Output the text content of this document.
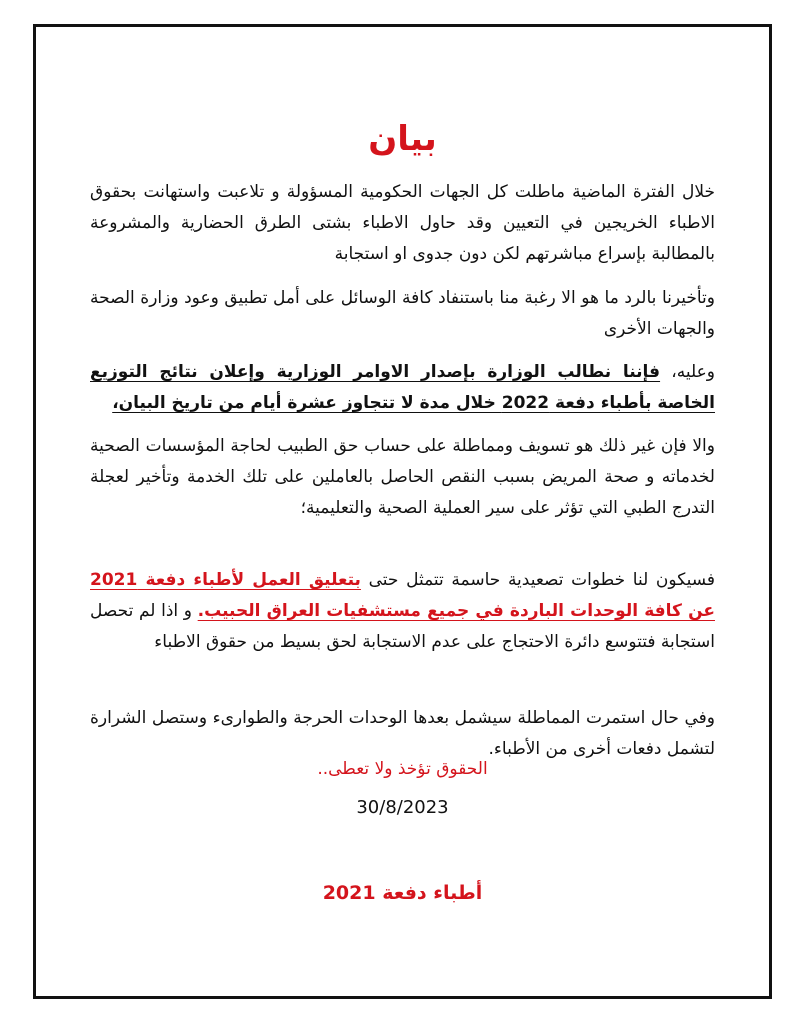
بيان
خلال الفترة الماضية ماطلت كل الجهات الحكومية المسؤولة و تلاعبت واستهانت بحقوق الاطباء الخريجين في التعيين وقد حاول الاطباء بشتى الطرق الحضارية والمشروعة بالمطالبة بإسراع مباشرتهم لكن دون جدوى او استجابة
وتأخيرنا بالرد ما هو الا رغبة منا باستنفاد كافة الوسائل على أمل تطبيق وعود وزارة الصحة والجهات الأخرى
وعليه، فإننا نطالب الوزارة بإصدار الاوامر الوزارية وإعلان نتائج التوزيع الخاصة بأطباء دفعة 2022 خلال مدة لا تتجاوز عشرة أيام من تاريخ البيان،
والا فإن غير ذلك هو تسويف ومماطلة على حساب حق الطبيب لحاجة المؤسسات الصحية لخدماته و صحة المريض بسبب النقص الحاصل بالعاملين على تلك الخدمة وتأخير لعجلة التدرج الطبي التي تؤثر على سير العملية الصحية والتعليمية؛
فسيكون لنا خطوات تصعيدية حاسمة تتمثل حتى بتعليق العمل لأطباء دفعة 2021 عن كافة الوحدات الباردة في جميع مستشفيات العراق الحبيب. و اذا لم تحصل استجابة فتتوسع دائرة الاحتجاج على عدم الاستجابة لحق بسيط من حقوق الاطباء
وفي حال استمرت المماطلة سيشمل بعدها الوحدات الحرجة والطوارىء وستصل الشرارة لتشمل دفعات أخرى من الأطباء.
الحقوق تؤخذ ولا تعطى..
30/8/2023
أطباء دفعة 2021
